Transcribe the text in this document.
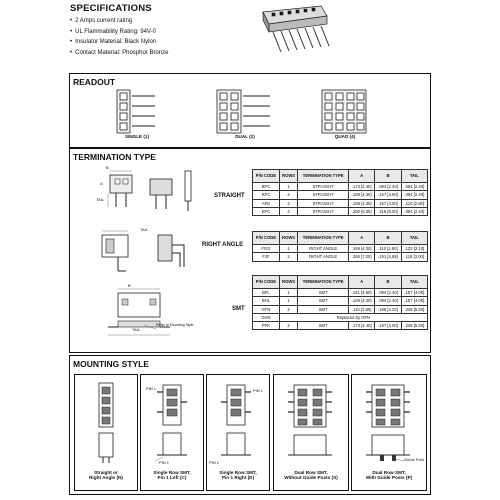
SPECIFICATIONS
• 2 Amps current rating
• UL Flammability Rating: 94V-0
• Insulator Material: Black Nylon
• Contact Material: Phosphor Bronze
READOUT
SINGLE (1)	DUAL (2)	QUAD (4)
TERMINATION TYPE
B
TAIL
A
STRAIGHT
P/N CODE	ROWS	TERMINATION TYPE	A	B	TAIL
BFC	1	STRAIGHT	.173 [4.40]	.094 [2.40]	.094 [2.40]
RFC	2	STRAIGHT	.169 [4.30]	.157 [4.00]	.094 [2.40]
AFE	2	STRAIGHT	.169 [4.30]	.157 [4.00]	.110 [2.80]
EFC	4	STRAIGHT	.250 [6.35]	.315 [8.00]	.094 [2.40]
TAIL
RIGHT ANGLE
P/N CODE	ROWS	TERMINATION TYPE	A	B	TAIL
FGG	1	RIGHT ANGLE	.169 [4.30]	.110 [2.80]	.122 [3.10]
FJF	2	RIGHT ANGLE	.265 [7.20]	.191 [4.85]	.118 [3.00]
B
TAIL
Refer to Mounting Style
SMT
P/N CODE	ROWS	TERMINATION TYPE	A	B	TAIL
BFL	1	SMT	.181 [4.60]	.094 [2.40]	.157 [4.00]
BHL	1	SMT	.169 [4.30]	.094 [2.40]	.157 [4.00]
GFN	2	SMT	.110 [2.80]	.165 [4.20]	.228 [5.80]
GHN	Replaced by GFN				
PFK	2	SMT	.173 [4.40]	.197 [4.00]	.228 [5.80]
MOUNTING STYLE
Straight or
Right Angle (N)
PIN 1
PIN 1
Single Row SMT,
Pin 1 Left (C)
PIN 1
PIN 1
Single Row SMT,
Pin 1 Right (D)
Dual Row SMT,
Without Guide Posts (S)
Guide Post
Dual Row SMT,
With Guide Posts (P)
